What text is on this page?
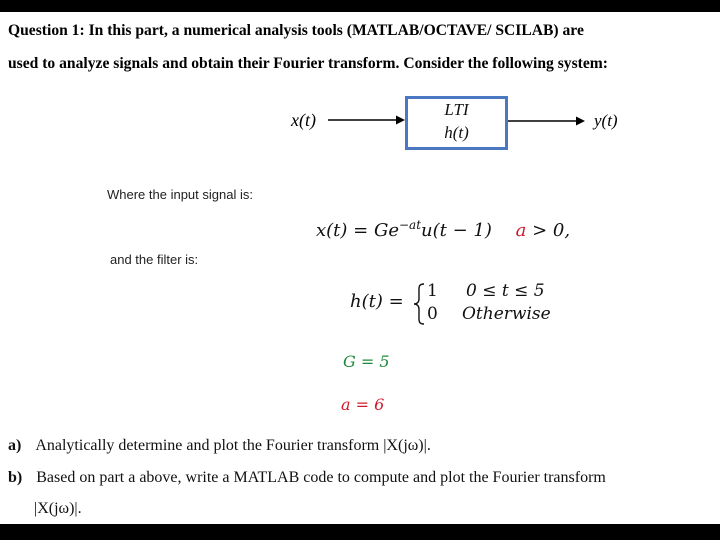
Question 1: In this part, a numerical analysis tools (MATLAB/OCTAVE/ SCILAB) are
used to analyze signals and obtain their Fourier transform. Consider the following system:
x(t)
LTI
h(t)
y(t)
Where the input signal is:
$x(t) = Ge^{-at}u(t - 1) a > 0$,
and the filter is:
h(t) = 1 0 ≤ t ≤ 5
0 Otherwise
G = 5
a = 6
a) Analytically determine and plot the Fourier transform |X(jω)|.
b) Based on part a above, write a MATLAB code to compute and plot the Fourier transform
|X(jω)|.
